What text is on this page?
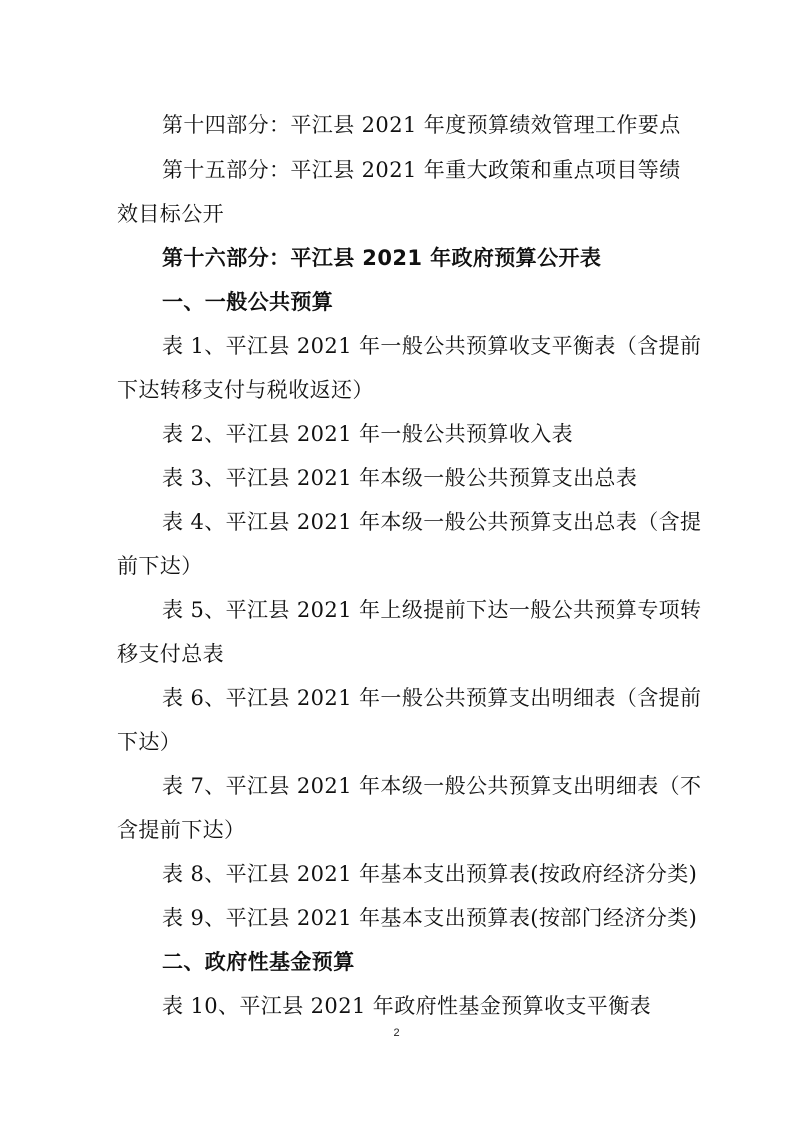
第十四部分：平江县 2021 年度预算绩效管理工作要点
第十五部分：平江县 2021 年重大政策和重点项目等绩
效目标公开
第十六部分：平江县 2021 年政府预算公开表
一、一般公共预算
表 1、平江县 2021 年一般公共预算收支平衡表（含提前
下达转移支付与税收返还）
表 2、平江县 2021 年一般公共预算收入表
表 3、平江县 2021 年本级一般公共预算支出总表
表 4、平江县 2021 年本级一般公共预算支出总表（含提
前下达）
表 5、平江县 2021 年上级提前下达一般公共预算专项转
移支付总表
表 6、平江县 2021 年一般公共预算支出明细表（含提前
下达）
表 7、平江县 2021 年本级一般公共预算支出明细表（不
含提前下达）
表 8、平江县 2021 年基本支出预算表(按政府经济分类)
表 9、平江县 2021 年基本支出预算表(按部门经济分类)
二、政府性基金预算
表 10、平江县 2021 年政府性基金预算收支平衡表
2
